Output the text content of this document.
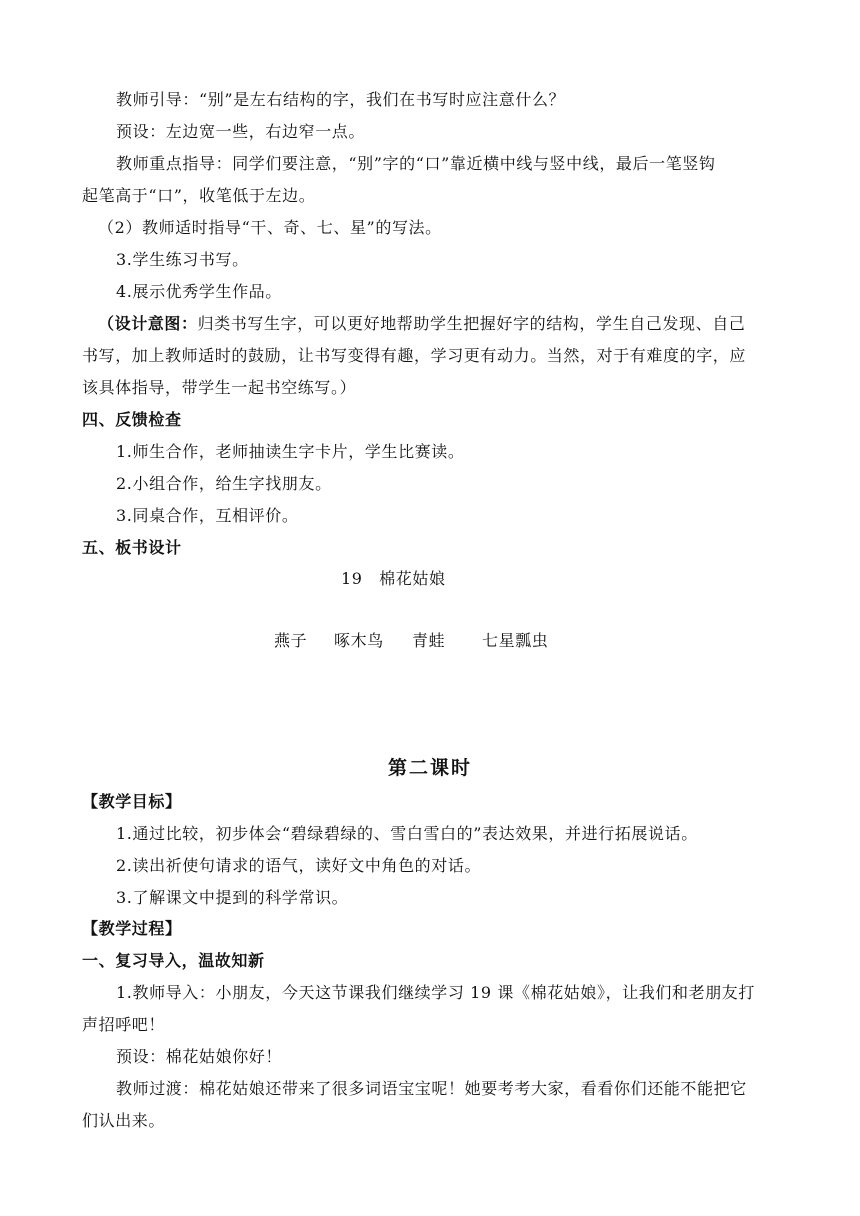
教师引导：“别”是左右结构的字，我们在书写时应注意什么？
预设：左边宽一些，右边窄一点。
教师重点指导：同学们要注意，“别”字的“口”靠近横中线与竖中线，最后一笔竖钩
起笔高于“口”，收笔低于左边。
（2）教师适时指导“干、奇、七、星”的写法。
3.学生练习书写。
4.展示优秀学生作品。
（设计意图：归类书写生字，可以更好地帮助学生把握好字的结构，学生自己发现、自己
书写，加上教师适时的鼓励，让书写变得有趣，学习更有动力。当然，对于有难度的字，应
该具体指导，带学生一起书空练写。）
四、反馈检查
1.师生合作，老师抽读生字卡片，学生比赛读。
2.小组合作，给生字找朋友。
3.同桌合作，互相评价。
五、板书设计
19　棉花姑娘
燕子 啄木鸟 青蛙 七星瓢虫
第二课时
【教学目标】
1.通过比较，初步体会“碧绿碧绿的、雪白雪白的”表达效果，并进行拓展说话。
2.读出祈使句请求的语气，读好文中角色的对话。
3.了解课文中提到的科学常识。
【教学过程】
一、复习导入，温故知新
1.教师导入：小朋友，今天这节课我们继续学习 19 课《棉花姑娘》，让我们和老朋友打
声招呼吧！
预设：棉花姑娘你好！
教师过渡：棉花姑娘还带来了很多词语宝宝呢！她要考考大家，看看你们还能不能把它
们认出来。
